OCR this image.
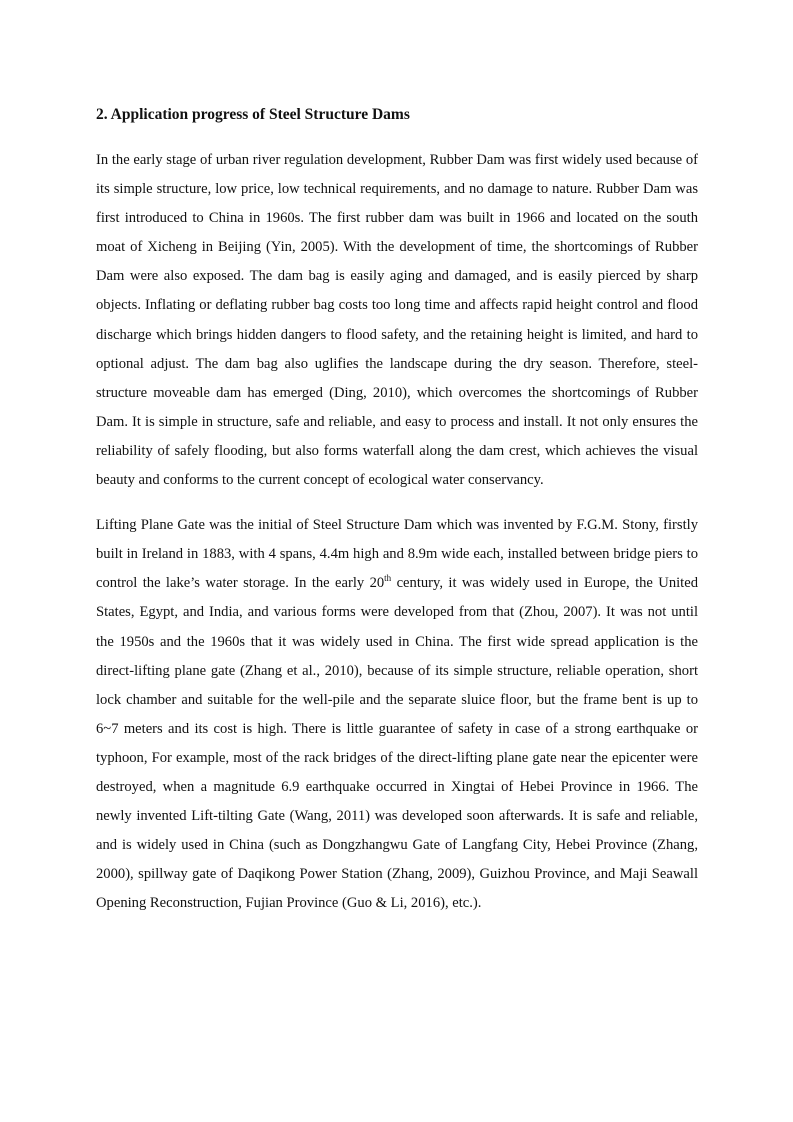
2. Application progress of Steel Structure Dams

In the early stage of urban river regulation development, Rubber Dam was first widely used because of its simple structure, low price, low technical requirements, and no damage to nature. Rubber Dam was first introduced to China in 1960s. The first rubber dam was built in 1966 and located on the south moat of Xicheng in Beijing (Yin, 2005). With the development of time, the shortcomings of Rubber Dam were also exposed. The dam bag is easily aging and damaged, and is easily pierced by sharp objects. Inflating or deflating rubber bag costs too long time and affects rapid height control and flood discharge which brings hidden dangers to flood safety, and the retaining height is limited, and hard to optional adjust. The dam bag also uglifies the landscape during the dry season. Therefore, steel-structure moveable dam has emerged (Ding, 2010), which overcomes the shortcomings of Rubber Dam. It is simple in structure, safe and reliable, and easy to process and install. It not only ensures the reliability of safely flooding, but also forms waterfall along the dam crest, which achieves the visual beauty and conforms to the current concept of ecological water conservancy.

Lifting Plane Gate was the initial of Steel Structure Dam which was invented by F.G.M. Stony, firstly built in Ireland in 1883, with 4 spans, 4.4m high and 8.9m wide each, installed between bridge piers to control the lake’s water storage. In the early 20th century, it was widely used in Europe, the United States, Egypt, and India, and various forms were developed from that (Zhou, 2007). It was not until the 1950s and the 1960s that it was widely used in China. The first wide spread application is the direct-lifting plane gate (Zhang et al., 2010), because of its simple structure, reliable operation, short lock chamber and suitable for the well-pile and the separate sluice floor, but the frame bent is up to 6~7 meters and its cost is high. There is little guarantee of safety in case of a strong earthquake or typhoon, For example, most of the rack bridges of the direct-lifting plane gate near the epicenter were destroyed, when a magnitude 6.9 earthquake occurred in Xingtai of Hebei Province in 1966. The newly invented Lift-tilting Gate (Wang, 2011) was developed soon afterwards. It is safe and reliable, and is widely used in China (such as Dongzhangwu Gate of Langfang City, Hebei Province (Zhang, 2000), spillway gate of Daqikong Power Station (Zhang, 2009), Guizhou Province, and Maji Seawall Opening Reconstruction, Fujian Province (Guo & Li, 2016), etc.).
